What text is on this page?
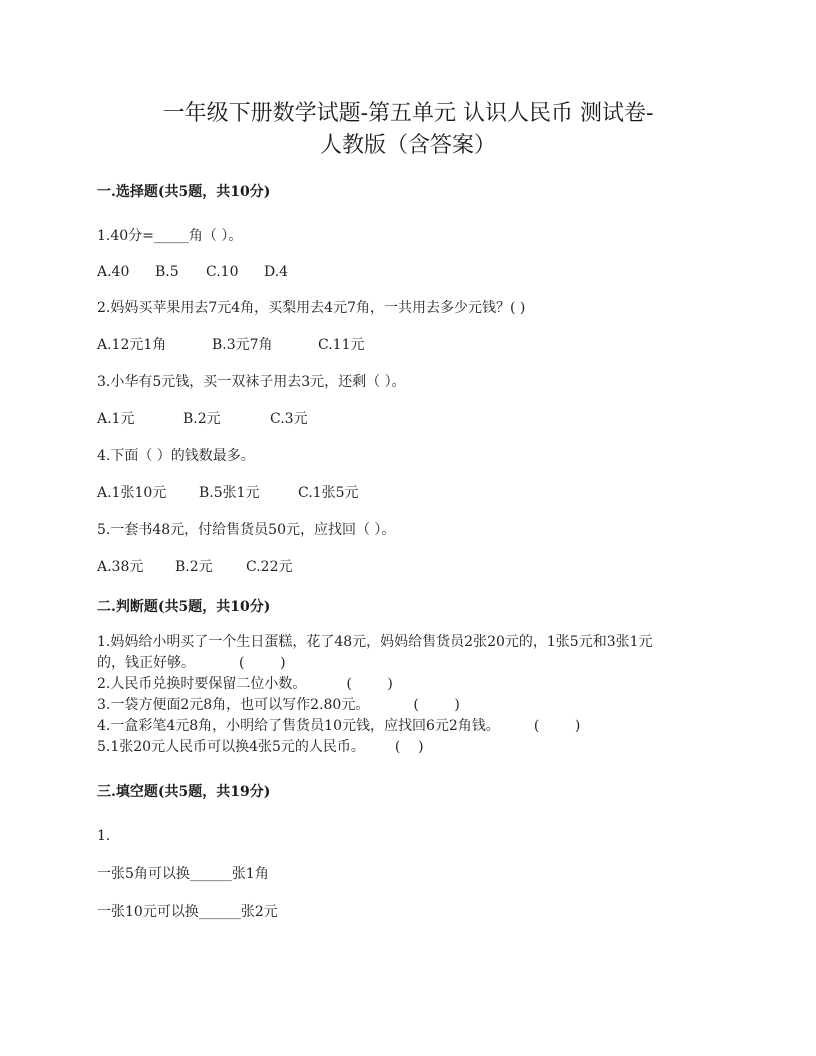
一年级下册数学试题-第五单元 认识人民币 测试卷-
人教版（含答案）
一.选择题(共5题，共10分)
1.40分=_____角（ ）。
A.40	B.5	C.10	D.4
2.妈妈买苹果用去7元4角，买梨用去4元7角，一共用去多少元钱？( )
A.12元1角	B.3元7角	C.11元
3.小华有5元钱，买一双袜子用去3元，还剩（ ）。
A.1元	B.2元	C.3元
4.下面（ ）的钱数最多。
A.1张10元	B.5张1元	C.1张5元
5.一套书48元，付给售货员50元，应找回（ ）。
A.38元	B.2元	C.22元
二.判断题(共5题，共10分)
1.妈妈给小明买了一个生日蛋糕，花了48元，妈妈给售货员2张20元的，1张5元和3张1元
的，钱正好够。	(        )
2.人民币兑换时要保留二位小数。	(        )
3.一袋方便面2元8角，也可以写作2.80元。	(        )
4.一盒彩笔4元8角，小明给了售货员10元钱，应找回6元2角钱。 (        )
5.1张20元人民币可以换4张5元的人民币。 (    )
三.填空题(共5题，共19分)
1.
一张5角可以换______张1角
一张10元可以换______张2元
